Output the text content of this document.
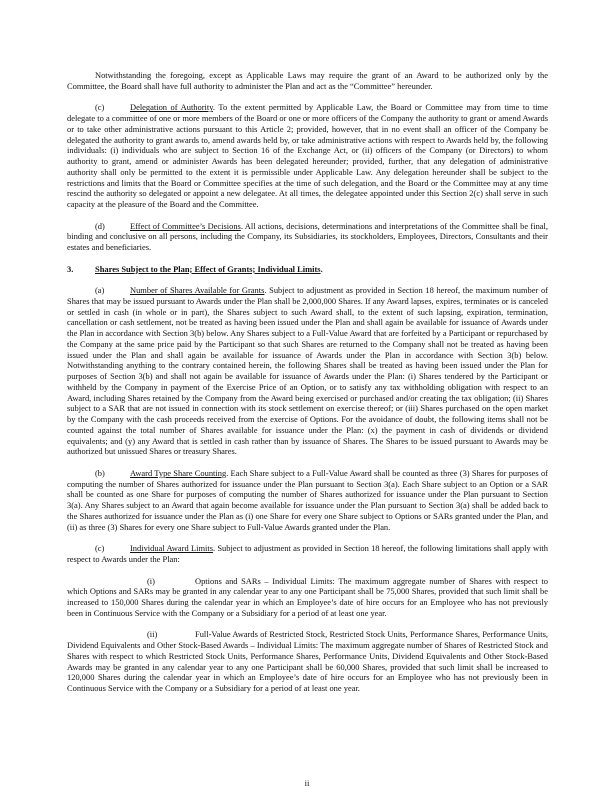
Notwithstanding the foregoing, except as Applicable Laws may require the grant of an Award to be authorized only by the Committee, the Board shall have full authority to administer the Plan and act as the “Committee” hereunder.

(c)	Delegation of Authority. To the extent permitted by Applicable Law, the Board or Committee may from time to time delegate to a committee of one or more members of the Board or one or more officers of the Company the authority to grant or amend Awards or to take other administrative actions pursuant to this Article 2; provided, however, that in no event shall an officer of the Company be delegated the authority to grant awards to, amend awards held by, or take administrative actions with respect to Awards held by, the following individuals: (i) individuals who are subject to Section 16 of the Exchange Act, or (ii) officers of the Company (or Directors) to whom authority to grant, amend or administer Awards has been delegated hereunder; provided, further, that any delegation of administrative authority shall only be permitted to the extent it is permissible under Applicable Law. Any delegation hereunder shall be subject to the restrictions and limits that the Board or Committee specifies at the time of such delegation, and the Board or the Committee may at any time rescind the authority so delegated or appoint a new delegatee. At all times, the delegatee appointed under this Section 2(c) shall serve in such capacity at the pleasure of the Board and the Committee.

(d)	Effect of Committee’s Decisions. All actions, decisions, determinations and interpretations of the Committee shall be final, binding and conclusive on all persons, including the Company, its Subsidiaries, its stockholders, Employees, Directors, Consultants and their estates and beneficiaries.

3.	Shares Subject to the Plan; Effect of Grants; Individual Limits.

(a)	Number of Shares Available for Grants. Subject to adjustment as provided in Section 18 hereof, the maximum number of Shares that may be issued pursuant to Awards under the Plan shall be 2,000,000 Shares. If any Award lapses, expires, terminates or is canceled or settled in cash (in whole or in part), the Shares subject to such Award shall, to the extent of such lapsing, expiration, termination, cancellation or cash settlement, not be treated as having been issued under the Plan and shall again be available for issuance of Awards under the Plan in accordance with Section 3(b) below. Any Shares subject to a Full-Value Award that are forfeited by a Participant or repurchased by the Company at the same price paid by the Participant so that such Shares are returned to the Company shall not be treated as having been issued under the Plan and shall again be available for issuance of Awards under the Plan in accordance with Section 3(b) below. Notwithstanding anything to the contrary contained herein, the following Shares shall be treated as having been issued under the Plan for purposes of Section 3(b) and shall not again be available for issuance of Awards under the Plan: (i) Shares tendered by the Participant or withheld by the Company in payment of the Exercise Price of an Option, or to satisfy any tax withholding obligation with respect to an Award, including Shares retained by the Company from the Award being exercised or purchased and/or creating the tax obligation; (ii) Shares subject to a SAR that are not issued in connection with its stock settlement on exercise thereof; or (iii) Shares purchased on the open market by the Company with the cash proceeds received from the exercise of Options. For the avoidance of doubt, the following items shall not be counted against the total number of Shares available for issuance under the Plan: (x) the payment in cash of dividends or dividend equivalents; and (y) any Award that is settled in cash rather than by issuance of Shares. The Shares to be issued pursuant to Awards may be authorized but unissued Shares or treasury Shares.

(b)	Award Type Share Counting. Each Share subject to a Full-Value Award shall be counted as three (3) Shares for purposes of computing the number of Shares authorized for issuance under the Plan pursuant to Section 3(a). Each Share subject to an Option or a SAR shall be counted as one Share for purposes of computing the number of Shares authorized for issuance under the Plan pursuant to Section 3(a). Any Shares subject to an Award that again become available for issuance under the Plan pursuant to Section 3(a) shall be added back to the Shares authorized for issuance under the Plan as (i) one Share for every one Share subject to Options or SARs granted under the Plan, and (ii) as three (3) Shares for every one Share subject to Full-Value Awards granted under the Plan.

(c)	Individual Award Limits. Subject to adjustment as provided in Section 18 hereof, the following limitations shall apply with respect to Awards under the Plan:

(i)	Options and SARs – Individual Limits: The maximum aggregate number of Shares with respect to which Options and SARs may be granted in any calendar year to any one Participant shall be 75,000 Shares, provided that such limit shall be increased to 150,000 Shares during the calendar year in which an Employee’s date of hire occurs for an Employee who has not previously been in Continuous Service with the Company or a Subsidiary for a period of at least one year.

(ii)	Full-Value Awards of Restricted Stock, Restricted Stock Units, Performance Shares, Performance Units, Dividend Equivalents and Other Stock-Based Awards – Individual Limits: The maximum aggregate number of Shares of Restricted Stock and Shares with respect to which Restricted Stock Units, Performance Shares, Performance Units, Dividend Equivalents and Other Stock-Based Awards may be granted in any calendar year to any one Participant shall be 60,000 Shares, provided that such limit shall be increased to 120,000 Shares during the calendar year in which an Employee’s date of hire occurs for an Employee who has not previously been in Continuous Service with the Company or a Subsidiary for a period of at least one year.

ii
